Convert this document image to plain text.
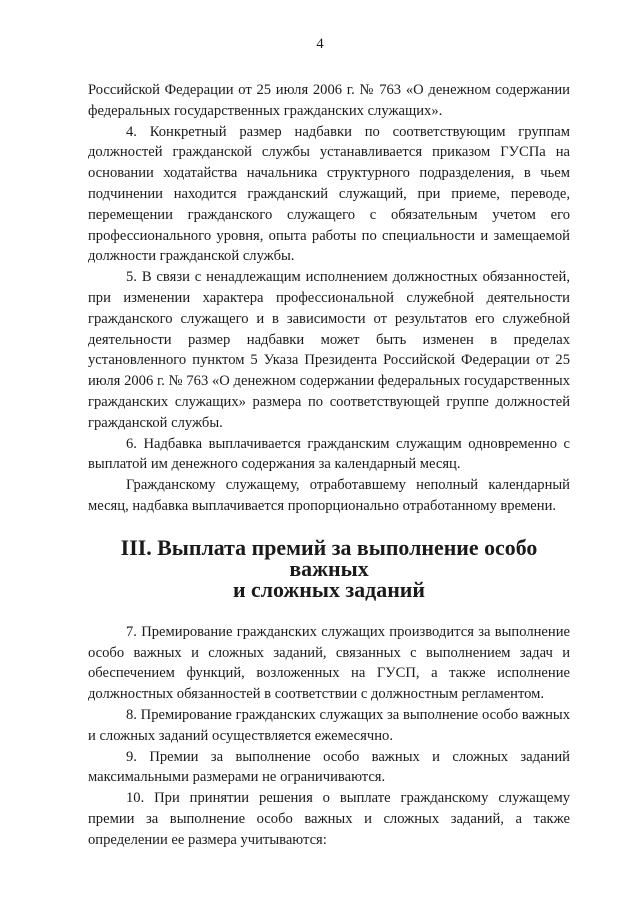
4

Российской Федерации от 25 июля 2006 г. № 763 «О денежном содержании федеральных государственных гражданских служащих».

4. Конкретный размер надбавки по соответствующим группам должностей гражданской службы устанавливается приказом ГУСПа на основании ходатайства начальника структурного подразделения, в чьем подчинении находится гражданский служащий, при приеме, переводе, перемещении гражданского служащего с обязательным учетом его профессионального уровня, опыта работы по специальности и замещаемой должности гражданской службы.

5. В связи с ненадлежащим исполнением должностных обязанностей, при изменении характера профессиональной служебной деятельности гражданского служащего и в зависимости от результатов его служебной деятельности размер надбавки может быть изменен в пределах установленного пунктом 5 Указа Президента Российской Федерации от 25 июля 2006 г. № 763 «О денежном содержании федеральных государственных гражданских служащих» размера по соответствующей группе должностей гражданской службы.

6. Надбавка выплачивается гражданским служащим одновременно с выплатой им денежного содержания за календарный месяц.

Гражданскому служащему, отработавшему неполный календарный месяц, надбавка выплачивается пропорционально отработанному времени.

III. Выплата премий за выполнение особо важных
и сложных заданий

7. Премирование гражданских служащих производится за выполнение особо важных и сложных заданий, связанных с выполнением задач и обеспечением функций, возложенных на ГУСП, а также исполнение должностных обязанностей в соответствии с должностным регламентом.

8. Премирование гражданских служащих за выполнение особо важных и сложных заданий осуществляется ежемесячно.

9. Премии за выполнение особо важных и сложных заданий максимальными размерами не ограничиваются.

10. При принятии решения о выплате гражданскому служащему премии за выполнение особо важных и сложных заданий, а также определении ее размера учитываются:
